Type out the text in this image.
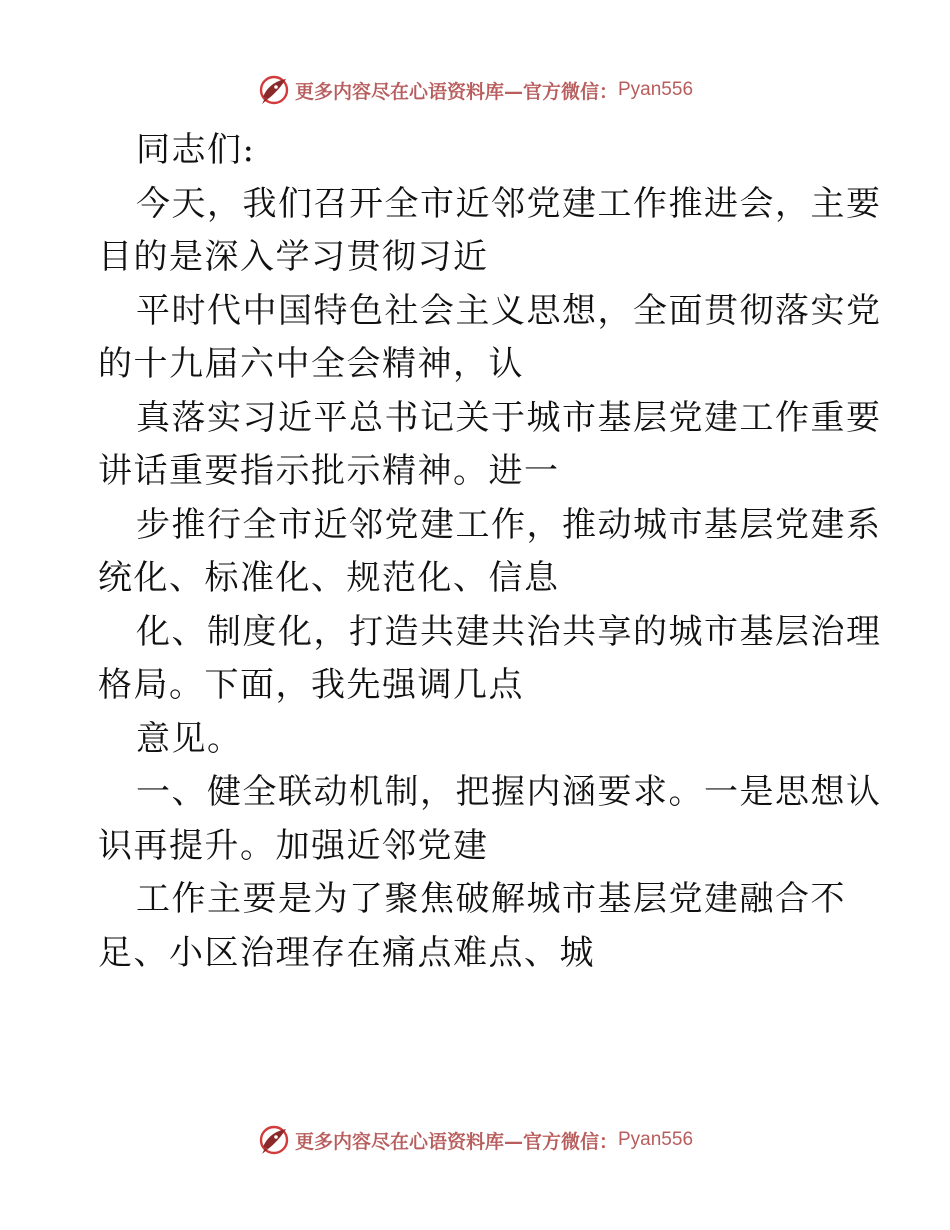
更多内容尽在心语资料库—官方微信： Pyan556
同志们:
今天，我们召开全市近邻党建工作推进会，主要
目的是深入学习贯彻习近
平时代中国特色社会主义思想，全面贯彻落实党
的十九届六中全会精神，认
真落实习近平总书记关于城市基层党建工作重要
讲话重要指示批示精神。进一
步推行全市近邻党建工作，推动城市基层党建系
统化、标准化、规范化、信息
化、制度化，打造共建共治共享的城市基层治理
格局。下面，我先强调几点
意见。
一、健全联动机制，把握内涵要求。一是思想认
识再提升。加强近邻党建
工作主要是为了聚焦破解城市基层党建融合不
足、小区治理存在痛点难点、城
更多内容尽在心语资料库—官方微信： Pyan556
